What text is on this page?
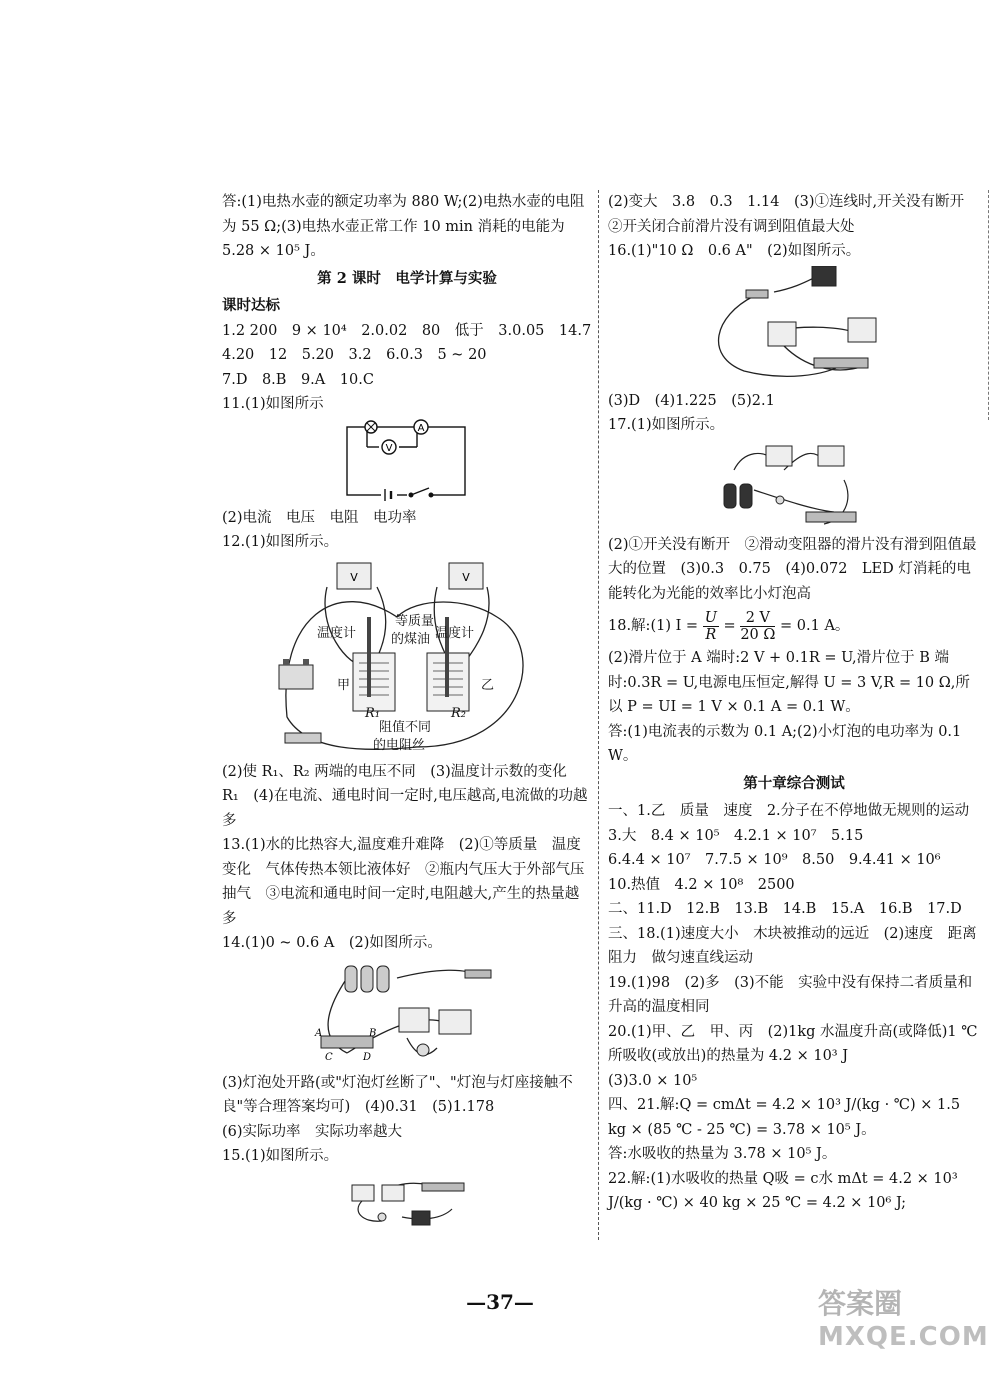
答:(1)电热水壶的额定功率为 880 W;(2)电热水壶的电阻为 55 Ω;(3)电热水壶正常工作 10 min 消耗的电能为 5.28 × 10⁵ J。

第 2 课时　电学计算与实验

课时达标

1.2 200　9 × 10⁴　2.0.02　80　低于　3.0.05　14.7

4.20　12　5.20　3.2　6.0.3　5 ~ 20

7.D　8.B　9.A　10.C

11.(1)如图所示

A
V

(2)电流　电压　电阻　电功率

12.(1)如图所示。

V	V
温度计	温度计
等质量
的煤油
甲	乙
R₁	R₂
阻值不同
的电阻丝

(2)使 R₁、R₂ 两端的电压不同　(3)温度计示数的变化　R₁　(4)在电流、通电时间一定时,电压越高,电流做的功越多

13.(1)水的比热容大,温度难升难降　(2)①等质量　温度变化　气体传热本领比液体好　②瓶内气压大于外部气压　抽气　③电流和通电时间一定时,电阻越大,产生的热量越多

14.(1)0 ~ 0.6 A　(2)如图所示。

A	B
C	D

(3)灯泡处开路(或"灯泡灯丝断了"、"灯泡与灯座接触不良"等合理答案均可)　(4)0.31　(5)1.178

(6)实际功率　实际功率越大

15.(1)如图所示。

(2)变大　3.8　0.3　1.14　(3)①连线时,开关没有断开　②开关闭合前滑片没有调到阻值最大处

16.(1)"10 Ω　0.6 A"　(2)如图所示。

(3)D　(4)1.225　(5)2.1

17.(1)如图所示。

(2)①开关没有断开　②滑动变阻器的滑片没有滑到阻值最大的位置　(3)0.3　0.75　(4)0.072　LED 灯消耗的电能转化为光能的效率比小灯泡高

18.解:(1) $I = \frac{U}{R} = \frac{2 V}{20 \Omega} = 0.1$ A。

(2)滑片位于 A 端时:2 V + 0.1R = U,滑片位于 B 端时:0.3R = U,电源电压恒定,解得 U = 3 V,R = 10 Ω,所以 P = UI = 1 V × 0.1 A = 0.1 W。

答:(1)电流表的示数为 0.1 A;(2)小灯泡的电功率为 0.1 W。

第十章综合测试

一、1.乙　质量　速度　2.分子在不停地做无规则的运动　3.大　8.4 × 10⁵　4.2.1 × 10⁷　5.15

6.4.4 × 10⁷　7.7.5 × 10⁹　8.50　9.4.41 × 10⁶

10.热值　4.2 × 10⁸　2500

二、11.D　12.B　13.B　14.B　15.A　16.B　17.D

三、18.(1)速度大小　木块被推动的远近　(2)速度　距离　阻力　做匀速直线运动

19.(1)98　(2)多　(3)不能　实验中没有保持二者质量和升高的温度相同

20.(1)甲、乙　甲、丙　(2)1kg 水温度升高(或降低)1 ℃所吸收(或放出)的热量为 4.2 × 10³ J

(3)3.0 × 10⁵

四、21.解:Q = cmΔt = 4.2 × 10³ J/(kg · ℃) × 1.5 kg × (85 ℃ - 25 ℃) = 3.78 × 10⁵ J。

答:水吸收的热量为 3.78 × 10⁵ J。

22.解:(1)水吸收的热量 Q吸 = c水 mΔt = 4.2 × 10³ J/(kg · ℃) × 40 kg × 25 ℃ = 4.2 × 10⁶ J;

—37—	答案圈
MXQE.COM
